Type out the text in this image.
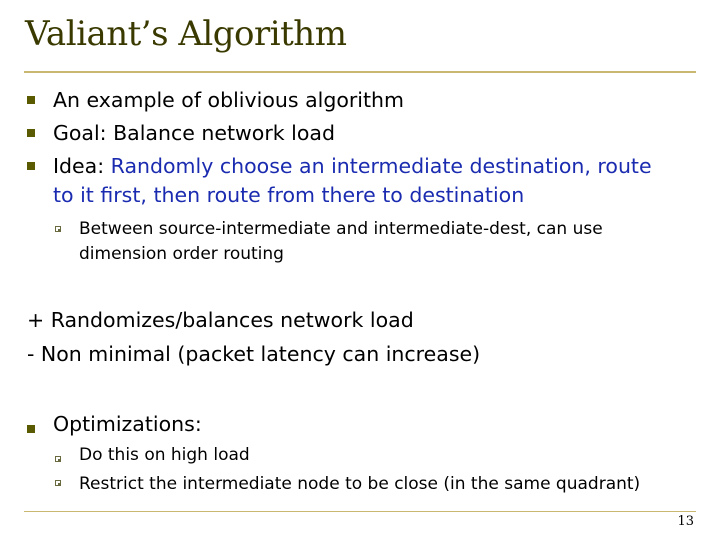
Valiant’s Algorithm
An example of oblivious algorithm
Goal: Balance network load
Idea: Randomly choose an intermediate destination, route
to it first, then route from there to destination
Between source-intermediate and intermediate-dest, can use
dimension order routing
+ Randomizes/balances network load
- Non minimal (packet latency can increase)
Optimizations:
Do this on high load
Restrict the intermediate node to be close (in the same quadrant)
13
